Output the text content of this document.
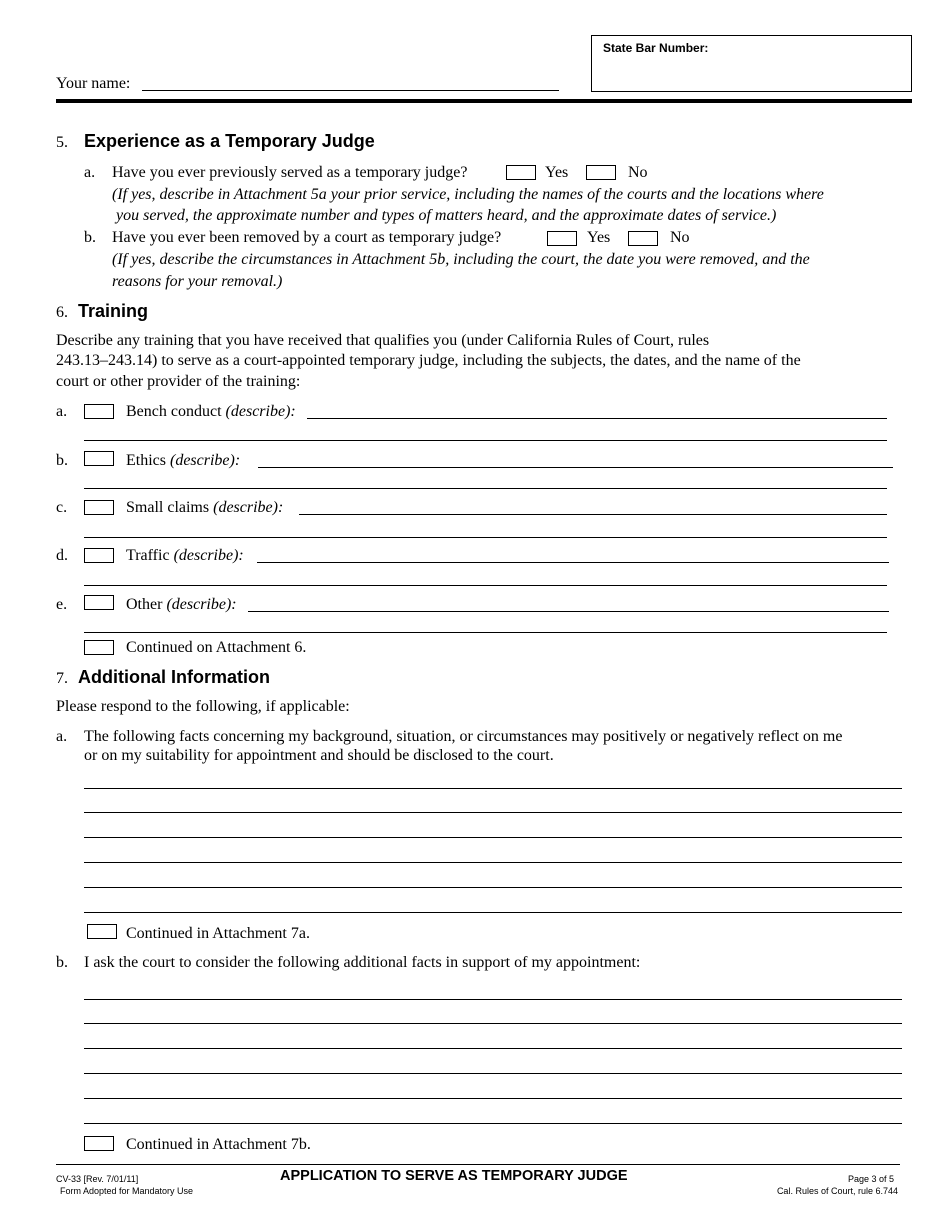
Your name:
State Bar Number:
5. Experience as a Temporary Judge
a. Have you ever previously served as a temporary judge?	Yes	No
(If yes, describe in Attachment 5a your prior service, including the names of the courts and the locations where
you served, the approximate number and types of matters heard, and the approximate dates of service.)
b. Have you ever been removed by a court as temporary judge?	Yes	No
(If yes, describe the circumstances in Attachment 5b, including the court, the date you were removed, and the
reasons for your removal.)
6. Training
Describe any training that you have received that qualifies you (under California Rules of Court, rules
243.13–243.14) to serve as a court-appointed temporary judge, including the subjects, the dates, and the name of the
court or other provider of the training:
a.	Bench conduct (describe):
b.	Ethics (describe):
c.	Small claims (describe):
d.	Traffic (describe):
e.	Other (describe):
Continued on Attachment 6.
7. Additional Information
Please respond to the following, if applicable:
a. The following facts concerning my background, situation, or circumstances may positively or negatively reflect on me
or on my suitability for appointment and should be disclosed to the court.
Continued in Attachment 7a.
b. I ask the court to consider the following additional facts in support of my appointment:
Continued in Attachment 7b.
CV-33 [Rev. 7/01/11]
Form Adopted for Mandatory Use
APPLICATION TO SERVE AS TEMPORARY JUDGE	Page 3 of 5
Cal. Rules of Court, rule 6.744
